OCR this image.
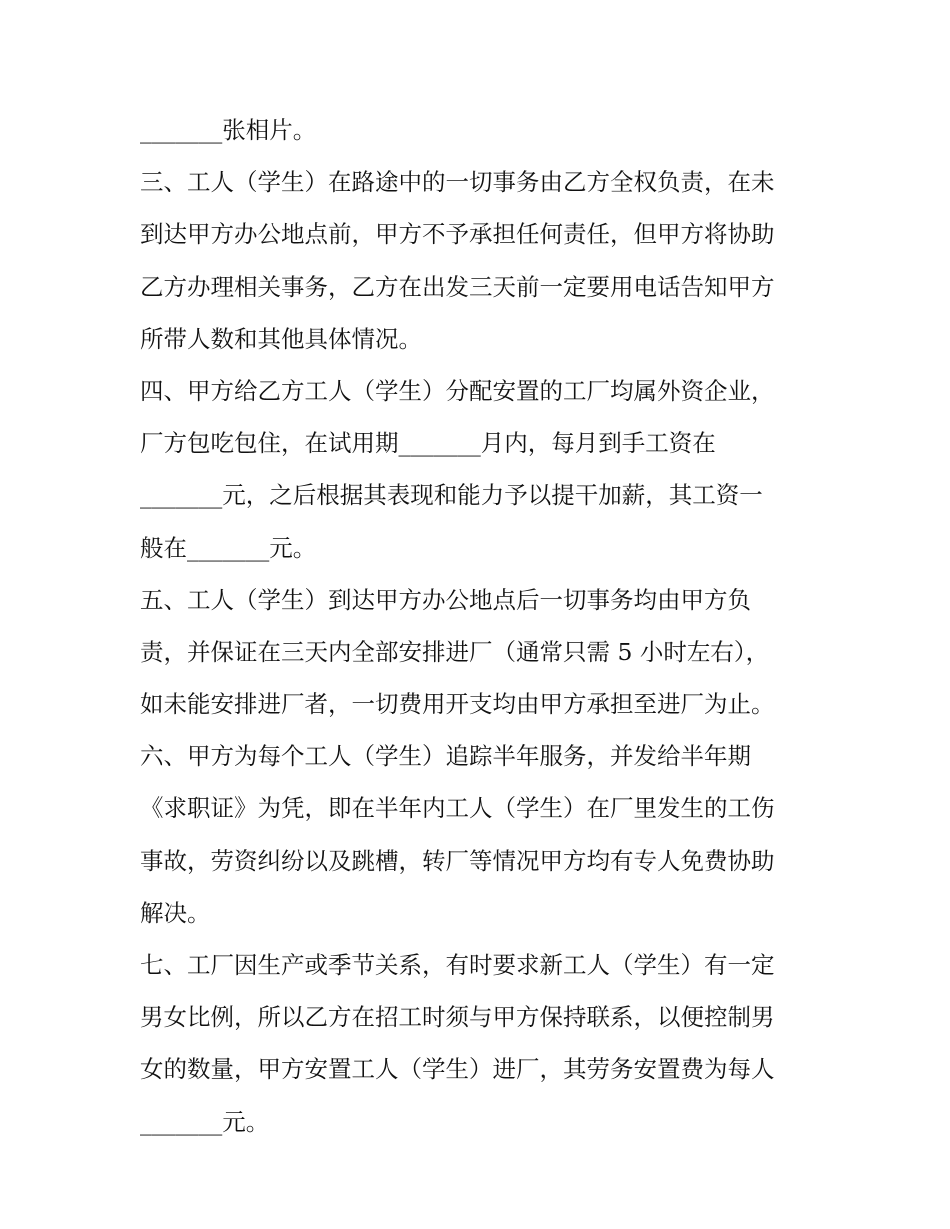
_______张相片。
三、工人（学生）在路途中的一切事务由乙方全权负责，在未
到达甲方办公地点前，甲方不予承担任何责任，但甲方将协助
乙方办理相关事务，乙方在出发三天前一定要用电话告知甲方
所带人数和其他具体情况。
四、甲方给乙方工人（学生）分配安置的工厂均属外资企业，
厂方包吃包住，在试用期_______月内，每月到手工资在
_______元，之后根据其表现和能力予以提干加薪，其工资一
般在_______元。
五、工人（学生）到达甲方办公地点后一切事务均由甲方负
责，并保证在三天内全部安排进厂（通常只需 5 小时左右），
如未能安排进厂者，一切费用开支均由甲方承担至进厂为止。
六、甲方为每个工人（学生）追踪半年服务，并发给半年期
《求职证》为凭，即在半年内工人（学生）在厂里发生的工伤
事故，劳资纠纷以及跳槽，转厂等情况甲方均有专人免费协助
解决。
七、工厂因生产或季节关系，有时要求新工人（学生）有一定
男女比例，所以乙方在招工时须与甲方保持联系，以便控制男
女的数量，甲方安置工人（学生）进厂，其劳务安置费为每人
_______元。
